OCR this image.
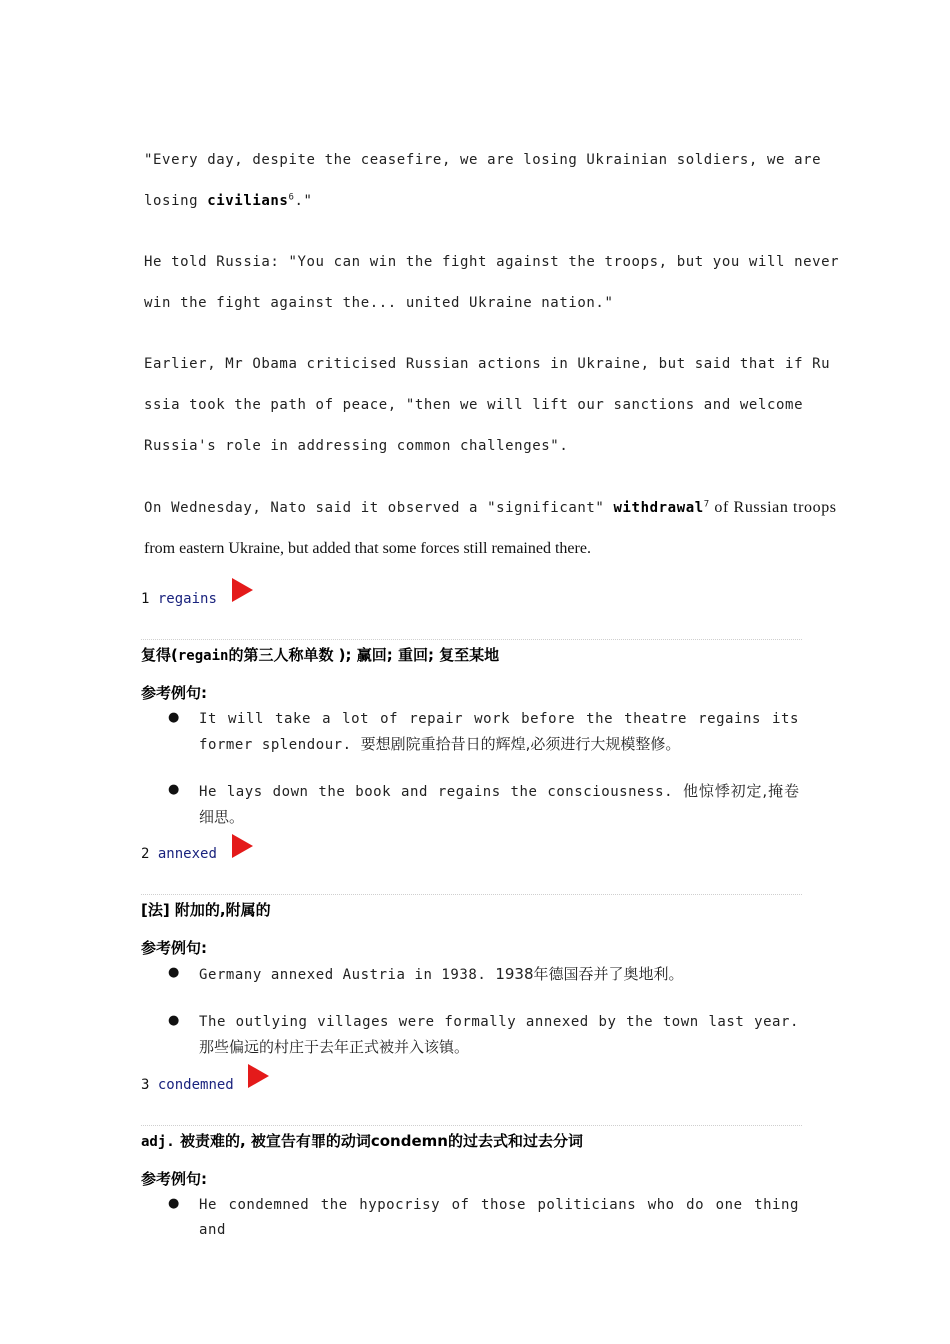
"Every day, despite the ceasefire, we are losing Ukrainian soldiers, we are
losing civilians$^6$."
He told Russia: "You can win the fight against the troops, but you will never
win the fight against the... united Ukraine nation."
Earlier, Mr Obama criticised Russian actions in Ukraine, but said that if Ru
ssia took the path of peace, "then we will lift our sanctions and welcome
Russia's role in addressing common challenges".
On Wednesday, Nato said it observed a "significant" withdrawal$^7$ of Russian troops
from eastern Ukraine, but added that some forces still remained there.
1 regains
复得(regain的第三人称单数 ); 赢回; 重回; 复至某地
参考例句:
● It will take a lot of repair work before the theatre regains its former splendour. 要想剧院重拾昔日的辉煌,必须进行大规模整修。
● He lays down the book and regains the consciousness. 他惊悸初定,掩卷细思。
2 annexed
[法] 附加的,附属的
参考例句:
● Germany annexed Austria in 1938. 1938年德国吞并了奥地利。
● The outlying villages were formally annexed by the town last year. 那些偏远的村庄于去年正式被并入该镇。
3 condemned
adj. 被责难的, 被宣告有罪的动词condemn的过去式和过去分词
参考例句:
● He condemned the hypocrisy of those politicians who do one thing and
